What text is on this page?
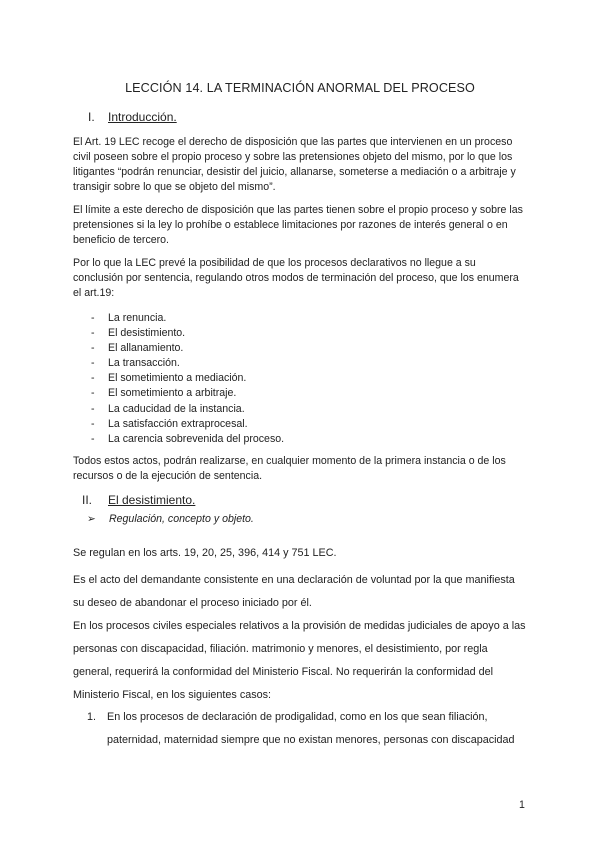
LECCIÓN 14. LA TERMINACIÓN ANORMAL DEL PROCESO
I. Introducción.
El Art. 19 LEC recoge el derecho de disposición que las partes que intervienen en un proceso civil poseen sobre el propio proceso y sobre las pretensiones objeto del mismo, por lo que los litigantes “podrán renunciar, desistir del juicio, allanarse, someterse a mediación o a arbitraje y transigir sobre lo que se objeto del mismo”.
El límite a este derecho de disposición que las partes tienen sobre el propio proceso y sobre las pretensiones si la ley lo prohíbe o establece limitaciones por razones de interés general o en beneficio de tercero.
Por lo que la LEC prevé la posibilidad de que los procesos declarativos no llegue a su conclusión por sentencia, regulando otros modos de terminación del proceso, que los enumera el art.19:
- La renuncia.
- El desistimiento.
- El allanamiento.
- La transacción.
- El sometimiento a mediación.
- El sometimiento a arbitraje.
- La caducidad de la instancia.
- La satisfacción extraprocesal.
- La carencia sobrevenida del proceso.
Todos estos actos, podrán realizarse, en cualquier momento de la primera instancia o de los recursos o de la ejecución de sentencia.
II. El desistimiento.
➢ Regulación, concepto y objeto.
Se regulan en los arts. 19, 20, 25, 396, 414 y 751 LEC.
Es el acto del demandante consistente en una declaración de voluntad por la que manifiesta su deseo de abandonar el proceso iniciado por él.
En los procesos civiles especiales relativos a la provisión de medidas judiciales de apoyo a las personas con discapacidad, filiación. matrimonio y menores, el desistimiento, por regla general, requerirá la conformidad del Ministerio Fiscal. No requerirán la conformidad del Ministerio Fiscal, en los siguientes casos:
1.	En los procesos de declaración de prodigalidad, como en los que sean filiación, paternidad, maternidad siempre que no existan menores, personas con discapacidad
1
